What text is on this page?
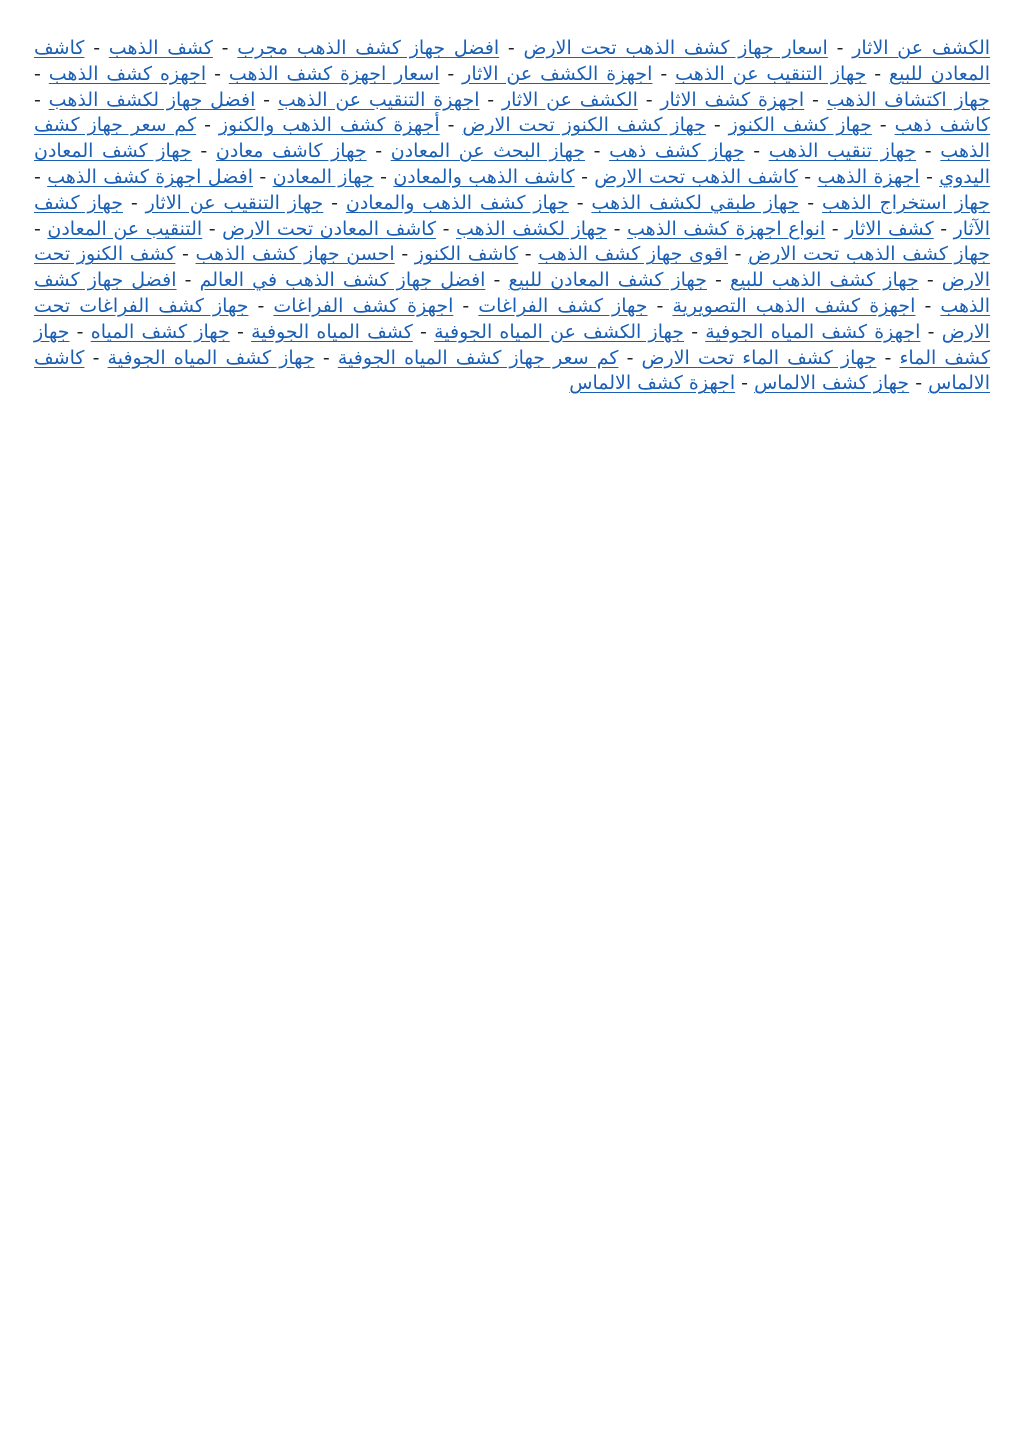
الكشف عن الاثار - اسعار جهاز كشف الذهب تحت الارض - افضل جهاز كشف الذهب مجرب - كشف الذهب - كاشف المعادن للبيع - جهاز التنقيب عن الذهب - اجهزة الكشف عن الاثار - اسعار اجهزة كشف الذهب - اجهزه كشف الذهب - جهاز اكتشاف الذهب - اجهزة كشف الاثار - الكشف عن الاثار - اجهزة التنقيب عن الذهب - افضل جهاز لكشف الذهب - كاشف ذهب - جهاز كشف الكنوز - جهاز كشف الكنوز تحت الارض - أجهزة كشف الذهب والكنوز - كم سعر جهاز كشف الذهب - جهاز تنقيب الذهب - جهاز كشف ذهب - جهاز البحث عن المعادن - جهاز كاشف معادن - جهاز كشف المعادن اليدوي - اجهزة الذهب - كاشف الذهب تحت الارض - كاشف الذهب والمعادن - جهاز المعادن - افضل اجهزة كشف الذهب - جهاز استخراج الذهب - جهاز طبقي لكشف الذهب - جهاز كشف الذهب والمعادن - جهاز التنقيب عن الاثار - جهاز كشف الآثار - كشف الاثار - انواع اجهزة كشف الذهب - جهاز لكشف الذهب - كاشف المعادن تحت الارض - التنقيب عن المعادن - جهاز كشف الذهب تحت الارض - اقوى جهاز كشف الذهب - كاشف الكنوز - احسن جهاز كشف الذهب - كشف الكنوز تحت الارض - جهاز كشف الذهب للبيع - جهاز كشف المعادن للبيع - افضل جهاز كشف الذهب في العالم - افضل جهاز كشف الذهب - اجهزة كشف الذهب التصويرية - جهاز كشف الفراغات - اجهزة كشف الفراغات - جهاز كشف الفراغات تحت الارض - اجهزة كشف المياه الجوفية - جهاز الكشف عن المياه الجوفية - كشف المياه الجوفية - جهاز كشف المياه - جهاز كشف الماء - جهاز كشف الماء تحت الارض - كم سعر جهاز كشف المياه الجوفية - جهاز كشف المياه الجوفية - كاشف الالماس - جهاز كشف الالماس - اجهزة كشف الالماس
